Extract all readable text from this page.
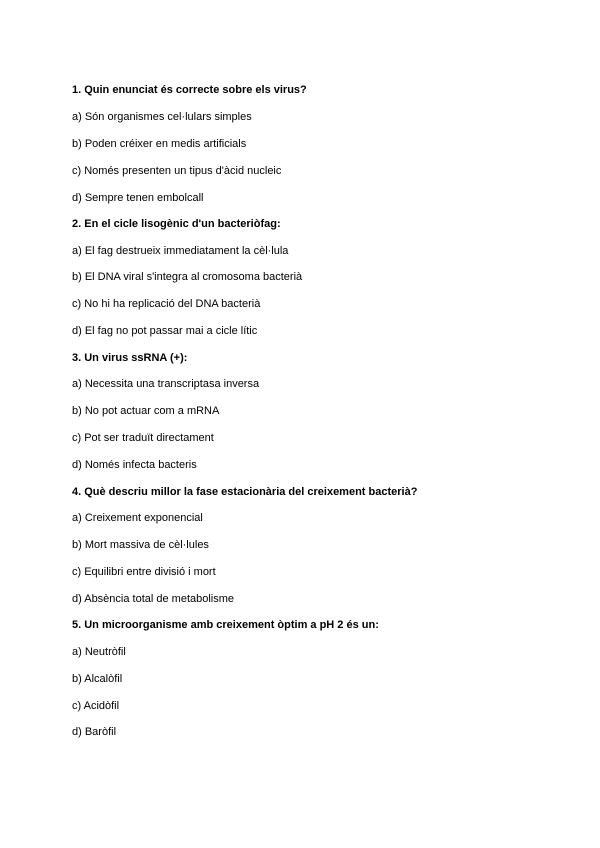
1. Quin enunciat és correcte sobre els virus?
a) Són organismes cel·lulars simples
b) Poden créixer en medis artificials
c) Només presenten un tipus d'àcid nucleic
d) Sempre tenen embolcall
2. En el cicle lisogènic d'un bacteriòfag:
a) El fag destrueix immediatament la cèl·lula
b) El DNA viral s'integra al cromosoma bacterià
c) No hi ha replicació del DNA bacterià
d) El fag no pot passar mai a cicle lític
3. Un virus ssRNA (+):
a) Necessita una transcriptasa inversa
b) No pot actuar com a mRNA
c) Pot ser traduït directament
d) Només infecta bacteris
4. Què descriu millor la fase estacionària del creixement bacterià?
a) Creixement exponencial
b) Mort massiva de cèl·lules
c) Equilibri entre divisió i mort
d) Absència total de metabolisme
5. Un microorganisme amb creixement òptim a pH 2 és un:
a) Neutròfil
b) Alcalòfil
c) Acidòfil
d) Baròfil
